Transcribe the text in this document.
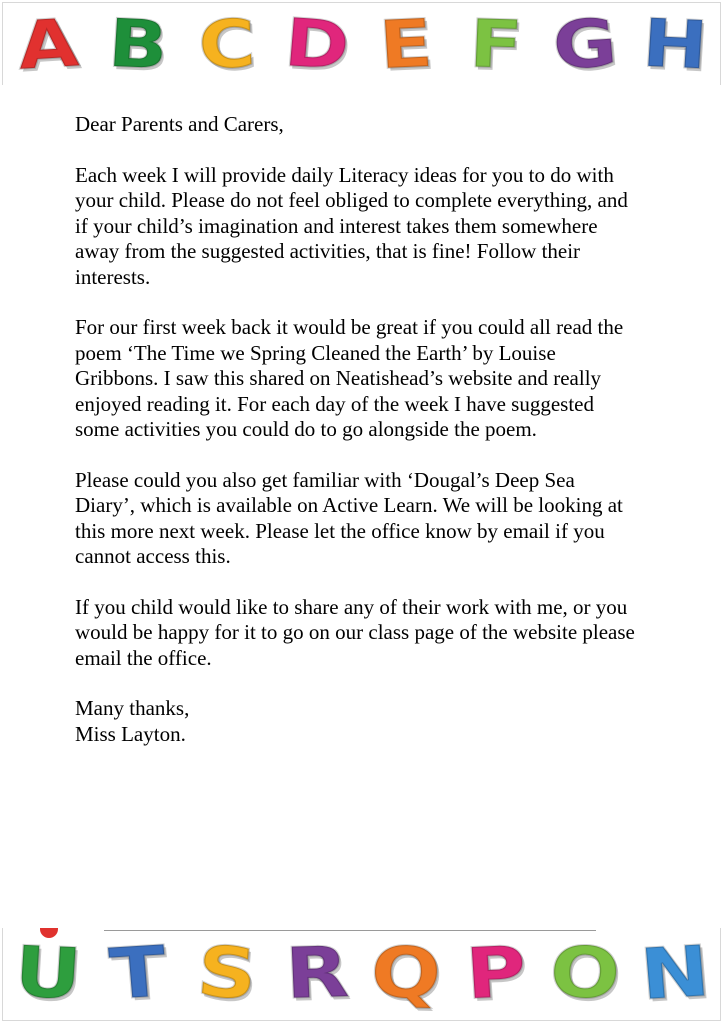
A B C D E F G H

Dear Parents and Carers,

Each week I will provide daily Literacy ideas for you to do with your child. Please do not feel obliged to complete everything, and if your child’s imagination and interest takes them somewhere away from the suggested activities, that is fine! Follow their interests.

For our first week back it would be great if you could all read the poem ‘The Time we Spring Cleaned the Earth’ by Louise Gribbons. I saw this shared on Neatishead’s website and really enjoyed reading it. For each day of the week I have suggested some activities you could do to go alongside the poem.

Please could you also get familiar with ‘Dougal’s Deep Sea Diary’, which is available on Active Learn. We will be looking at this more next week. Please let the office know by email if you cannot access this.

If you child would like to share any of their work with me, or you would be happy for it to go on our class page of the website please email the office.

Many thanks,

Miss Layton.

U T S R Q P O N
